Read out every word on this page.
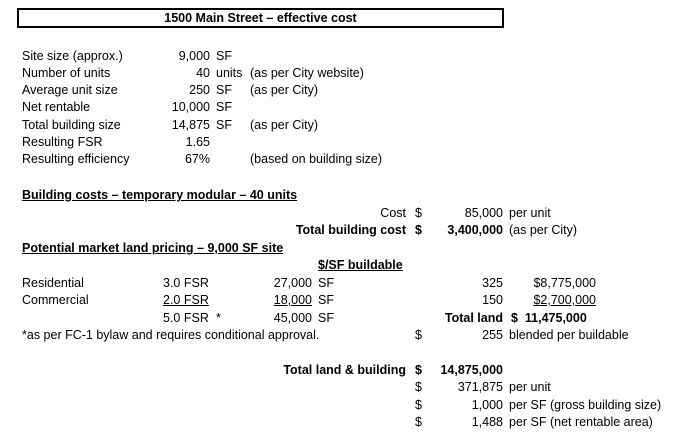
1500 Main Street – effective cost
Site size (approx.)	9,000 SF
Number of units	40 units (as per City website)
Average unit size	250 SF (as per City)
Net rentable	10,000 SF
Total building size	14,875 SF (as per City)
Resulting FSR	1.65
Resulting efficiency	67%	(based on building size)
Building costs – temporary modular – 40 units
Cost $	85,000 per unit
Total building cost $	3,400,000 (as per City)
Potential market land pricing – 9,000 SF site
$/SF buildable
Residential	3.0 FSR	27,000 SF	325	$8,775,000
Commercial	2.0 FSR	18,000 SF	150	$2,700,000
5.0 FSR *	45,000 SF	Total land $  11,475,000
*as per FC-1 bylaw and requires conditional approval.	$	255 blended per buildable
Total land & building $	14,875,000
$	371,875 per unit
$	1,000 per SF (gross building size)
$	1,488 per SF (net rentable area)
